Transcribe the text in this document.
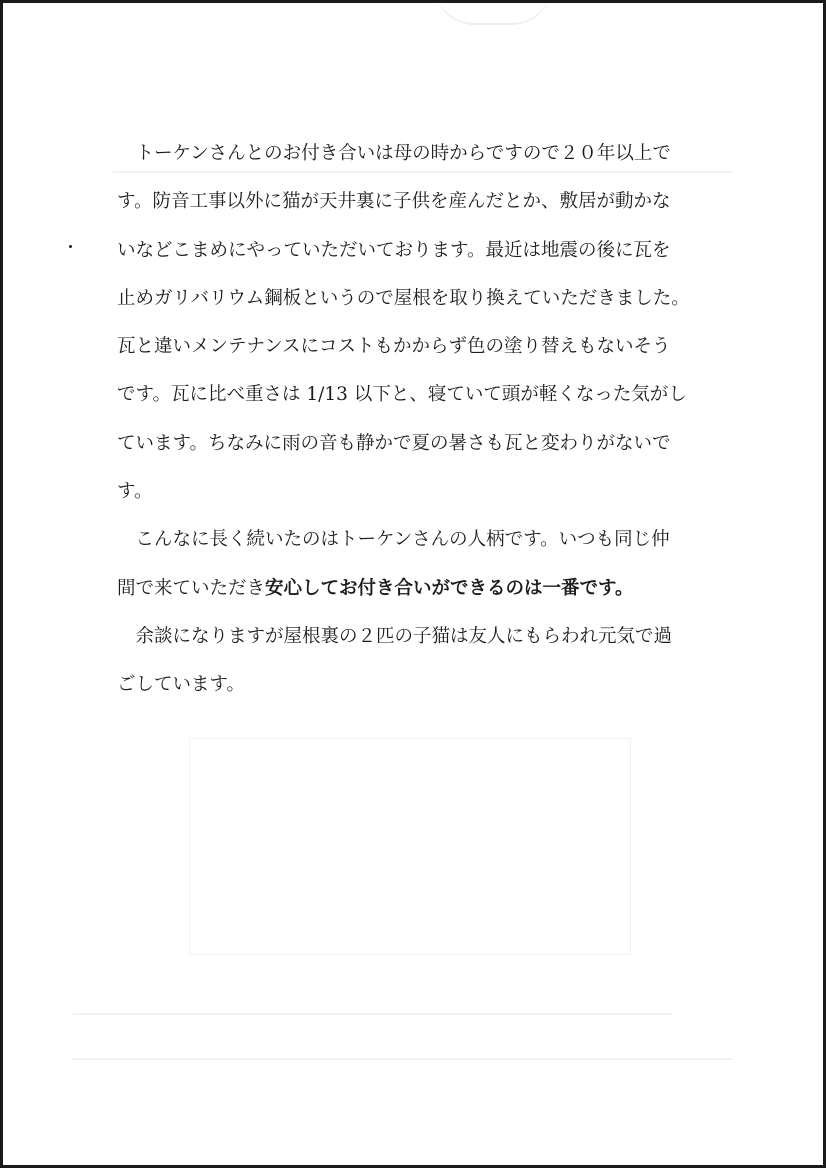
　トーケンさんとのお付き合いは母の時からですので２０年以上で
す。防音工事以外に猫が天井裏に子供を産んだとか、敷居が動かな
いなどこまめにやっていただいております。最近は地震の後に瓦を
止めガリバリウム鋼板というので屋根を取り換えていただきました。
瓦と違いメンテナンスにコストもかからず色の塗り替えもないそう
です。瓦に比べ重さは 1/13 以下と、寝ていて頭が軽くなった気がし
ています。ちなみに雨の音も静かで夏の暑さも瓦と変わりがないで
す。
　こんなに長く続いたのはトーケンさんの人柄です。いつも同じ仲
間で来ていただき安心してお付き合いができるのは一番です。
　余談になりますが屋根裏の２匹の子猫は友人にもらわれ元気で過
ごしています。
